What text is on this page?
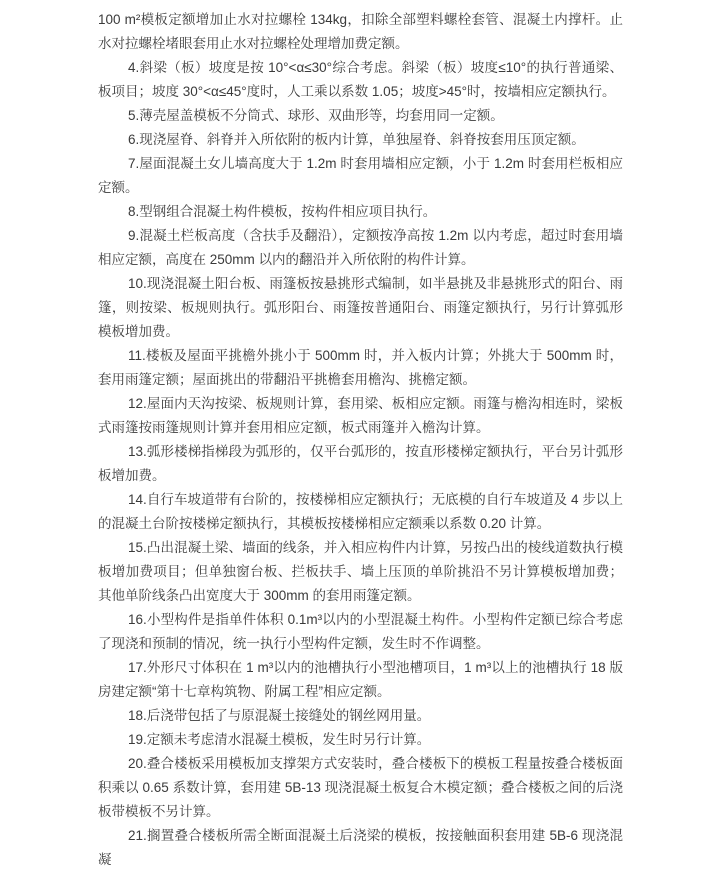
100 m²模板定额增加止水对拉螺栓 134kg，扣除全部塑料螺栓套管、混凝土内撑杆。止水对拉螺栓堵眼套用止水对拉螺栓处理增加费定额。

4.斜梁（板）坡度是按 10°<α≤30°综合考虑。斜梁（板）坡度≤10°的执行普通梁、板项目；坡度 30°<α≤45°度时，人工乘以系数 1.05；坡度>45°时，按墙相应定额执行。

5.薄壳屋盖模板不分筒式、球形、双曲形等，均套用同一定额。

6.现浇屋脊、斜脊并入所依附的板内计算，单独屋脊、斜脊按套用压顶定额。

7.屋面混凝土女儿墙高度大于 1.2m 时套用墙相应定额，小于 1.2m 时套用栏板相应定额。

8.型钢组合混凝土构件模板，按构件相应项目执行。

9.混凝土栏板高度（含扶手及翻沿），定额按净高按 1.2m 以内考虑，超过时套用墙相应定额，高度在 250mm 以内的翻沿并入所依附的构件计算。

10.现浇混凝土阳台板、雨篷板按悬挑形式编制，如半悬挑及非悬挑形式的阳台、雨篷，则按梁、板规则执行。弧形阳台、雨篷按普通阳台、雨篷定额执行，另行计算弧形模板增加费。

11.楼板及屋面平挑檐外挑小于 500mm 时，并入板内计算；外挑大于 500mm 时，套用雨篷定额；屋面挑出的带翻沿平挑檐套用檐沟、挑檐定额。

12.屋面内天沟按梁、板规则计算，套用梁、板相应定额。雨篷与檐沟相连时，梁板式雨篷按雨篷规则计算并套用相应定额，板式雨篷并入檐沟计算。

13.弧形楼梯指梯段为弧形的，仅平台弧形的，按直形楼梯定额执行，平台另计弧形板增加费。

14.自行车坡道带有台阶的，按楼梯相应定额执行；无底模的自行车坡道及 4 步以上的混凝土台阶按楼梯定额执行，其模板按楼梯相应定额乘以系数 0.20 计算。

15.凸出混凝土梁、墙面的线条，并入相应构件内计算，另按凸出的棱线道数执行模板增加费项目；但单独窗台板、拦板扶手、墙上压顶的单阶挑沿不另计算模板增加费；其他单阶线条凸出宽度大于 300mm 的套用雨篷定额。

16.小型构件是指单件体积 0.1m³以内的小型混凝土构件。小型构件定额已综合考虑了现浇和预制的情况，统一执行小型构件定额，发生时不作调整。

17.外形尺寸体积在 1 m³以内的池槽执行小型池槽项目，1 m³以上的池槽执行 18 版房建定额“第十七章构筑物、附属工程”相应定额。

18.后浇带包括了与原混凝土接缝处的钢丝网用量。

19.定额未考虑清水混凝土模板，发生时另行计算。

20.叠合楼板采用模板加支撑架方式安装时，叠合楼板下的模板工程量按叠合楼板面积乘以 0.65 系数计算，套用建 5B-13 现浇混凝土板复合木模定额；叠合楼板之间的后浇板带模板不另计算。

21.搁置叠合楼板所需全断面混凝土后浇梁的模板，按接触面积套用建 5B-6 现浇混凝
